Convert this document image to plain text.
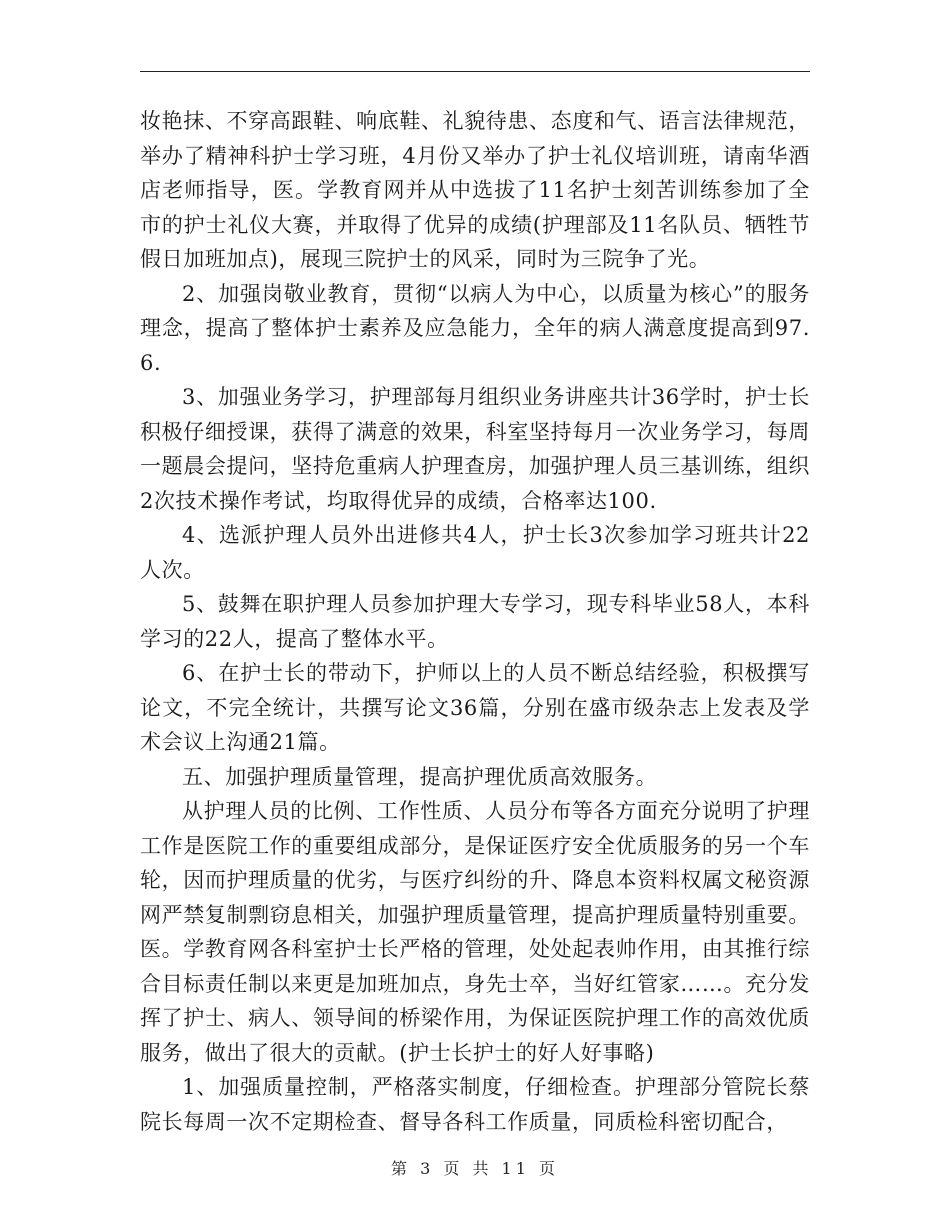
妆艳抹、不穿高跟鞋、响底鞋、礼貌待患、态度和气、语言法律规范，举办了精神科护士学习班，4月份又举办了护士礼仪培训班，请南华酒店老师指导，医。学教育网并从中选拔了11名护士刻苦训练参加了全市的护士礼仪大赛，并取得了优异的成绩(护理部及11名队员、牺牲节假日加班加点)，展现三院护士的风采，同时为三院争了光。

2、加强岗敬业教育，贯彻“以病人为中心，以质量为核心”的服务理念，提高了整体护士素养及应急能力，全年的病人满意度提高到97.6.

3、加强业务学习，护理部每月组织业务讲座共计36学时，护士长积极仔细授课，获得了满意的效果，科室坚持每月一次业务学习，每周一题晨会提问，坚持危重病人护理查房，加强护理人员三基训练，组织2次技术操作考试，均取得优异的成绩，合格率达100.

4、选派护理人员外出进修共4人，护士长3次参加学习班共计22人次。

5、鼓舞在职护理人员参加护理大专学习，现专科毕业58人，本科学习的22人，提高了整体水平。

6、在护士长的带动下，护师以上的人员不断总结经验，积极撰写论文，不完全统计，共撰写论文36篇，分别在盛市级杂志上发表及学术会议上沟通21篇。

五、加强护理质量管理，提高护理优质高效服务。

从护理人员的比例、工作性质、人员分布等各方面充分说明了护理工作是医院工作的重要组成部分，是保证医疗安全优质服务的另一个车轮，因而护理质量的优劣，与医疗纠纷的升、降息本资料权属文秘资源网严禁复制剽窃息相关，加强护理质量管理，提高护理质量特别重要。医。学教育网各科室护士长严格的管理，处处起表帅作用，由其推行综合目标责任制以来更是加班加点，身先士卒，当好红管家……。充分发挥了护士、病人、领导间的桥梁作用，为保证医院护理工作的高效优质服务，做出了很大的贡献。(护士长护士的好人好事略)

1、加强质量控制，严格落实制度，仔细检查。护理部分管院长蔡院长每周一次不定期检查、督导各科工作质量，同质检科密切配合，

第 3 页 共 11 页
